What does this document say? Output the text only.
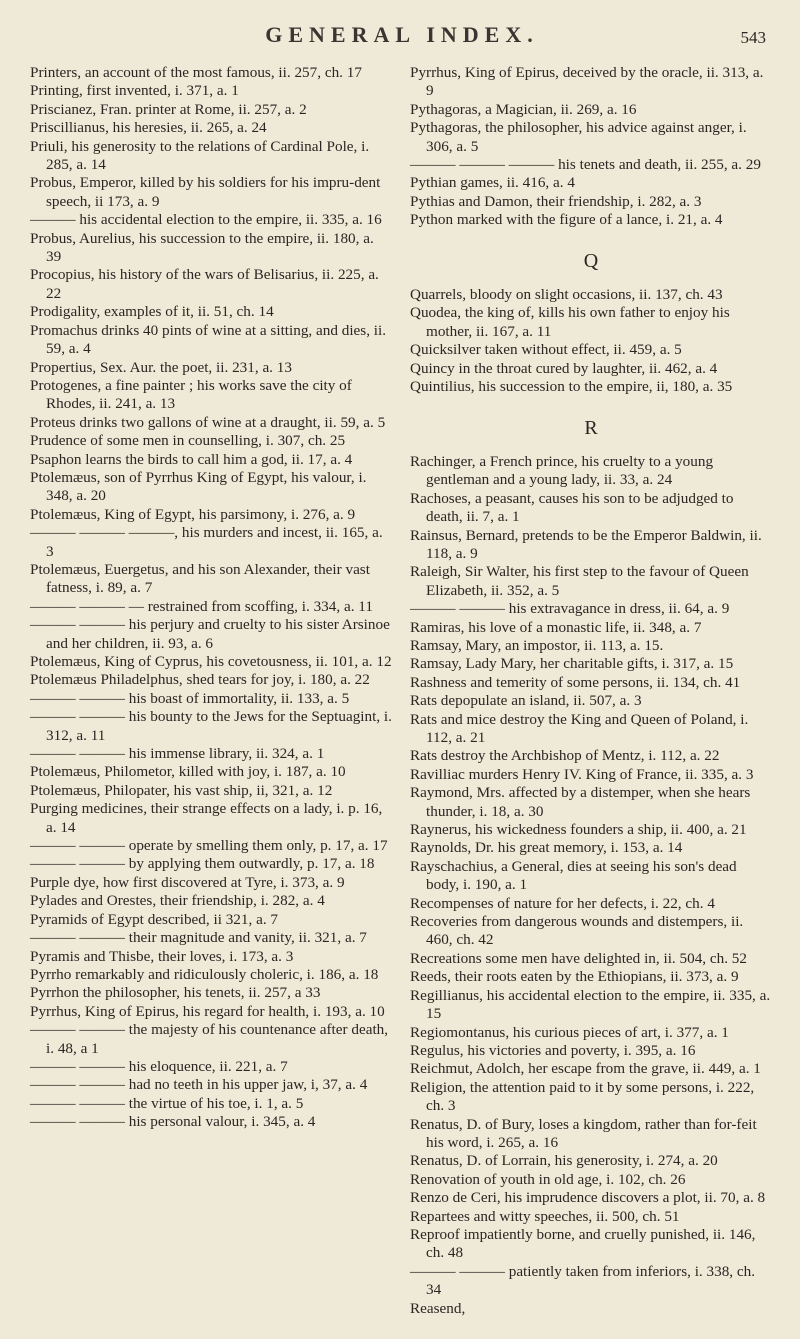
GENERAL INDEX.	543

Printers, an account of the most famous, ii. 257, ch. 17

Printing, first invented, i. 371, a. 1

Priscianez, Fran. printer at Rome, ii. 257, a. 2

Priscillianus, his heresies, ii. 265, a. 24

Priuli, his generosity to the relations of Cardinal Pole, i. 285, a. 14

Probus, Emperor, killed by his soldiers for his impru-dent speech, ii 173, a. 9

——— his accidental election to the empire, ii. 335, a. 16

Probus, Aurelius, his succession to the empire, ii. 180, a. 39

Procopius, his history of the wars of Belisarius, ii. 225, a. 22

Prodigality, examples of it, ii. 51, ch. 14

Promachus drinks 40 pints of wine at a sitting, and dies, ii. 59, a. 4

Propertius, Sex. Aur. the poet, ii. 231, a. 13

Protogenes, a fine painter ; his works save the city of Rhodes, ii. 241, a. 13

Proteus drinks two gallons of wine at a draught, ii. 59, a. 5

Prudence of some men in counselling, i. 307, ch. 25

Psaphon learns the birds to call him a god, ii. 17, a. 4

Ptolemæus, son of Pyrrhus King of Egypt, his valour, i. 348, a. 20

Ptolemæus, King of Egypt, his parsimony, i. 276, a. 9

——— ——— ———, his murders and incest, ii. 165, a. 3

Ptolemæus, Euergetus, and his son Alexander, their vast fatness, i. 89, a. 7

——— ——— — restrained from scoffing, i. 334, a. 11

——— ——— his perjury and cruelty to his sister Arsinoe and her children, ii. 93, a. 6

Ptolemæus, King of Cyprus, his covetousness, ii. 101, a. 12

Ptolemæus Philadelphus, shed tears for joy, i. 180, a. 22

——— ——— his boast of immortality, ii. 133, a. 5

——— ——— his bounty to the Jews for the Septuagint, i. 312, a. 11

——— ——— his immense library, ii. 324, a. 1

Ptolemæus, Philometor, killed with joy, i. 187, a. 10

Ptolemæus, Philopater, his vast ship, ii, 321, a. 12

Purging medicines, their strange effects on a lady, i. p. 16, a. 14

——— ——— operate by smelling them only, p. 17, a. 17

——— ——— by applying them outwardly, p. 17, a. 18

Purple dye, how first discovered at Tyre, i. 373, a. 9

Pylades and Orestes, their friendship, i. 282, a. 4

Pyramids of Egypt described, ii 321, a. 7

——— ——— their magnitude and vanity, ii. 321, a. 7

Pyramis and Thisbe, their loves, i. 173, a. 3

Pyrrho remarkably and ridiculously choleric, i. 186, a. 18

Pyrrhon the philosopher, his tenets, ii. 257, a 33

Pyrrhus, King of Epirus, his regard for health, i. 193, a. 10

——— ——— the majesty of his countenance after death, i. 48, a 1

——— ——— his eloquence, ii. 221, a. 7

——— ——— had no teeth in his upper jaw, i, 37, a. 4

——— ——— the virtue of his toe, i. 1, a. 5

——— ——— his personal valour, i. 345, a. 4

Pyrrhus, King of Epirus, deceived by the oracle, ii. 313, a. 9

Pythagoras, a Magician, ii. 269, a. 16

Pythagoras, the philosopher, his advice against anger, i. 306, a. 5

——— ——— ——— his tenets and death, ii. 255, a. 29

Pythian games, ii. 416, a. 4

Pythias and Damon, their friendship, i. 282, a. 3

Python marked with the figure of a lance, i. 21, a. 4

Q

Quarrels, bloody on slight occasions, ii. 137, ch. 43

Quodea, the king of, kills his own father to enjoy his mother, ii. 167, a. 11

Quicksilver taken without effect, ii. 459, a. 5

Quincy in the throat cured by laughter, ii. 462, a. 4

Quintilius, his succession to the empire, ii, 180, a. 35

R

Rachinger, a French prince, his cruelty to a young gentleman and a young lady, ii. 33, a. 24

Rachoses, a peasant, causes his son to be adjudged to death, ii. 7, a. 1

Rainsus, Bernard, pretends to be the Emperor Baldwin, ii. 118, a. 9

Raleigh, Sir Walter, his first step to the favour of Queen Elizabeth, ii. 352, a. 5

——— ——— his extravagance in dress, ii. 64, a. 9

Ramiras, his love of a monastic life, ii. 348, a. 7

Ramsay, Mary, an impostor, ii. 113, a. 15.

Ramsay, Lady Mary, her charitable gifts, i. 317, a. 15

Rashness and temerity of some persons, ii. 134, ch. 41

Rats depopulate an island, ii. 507, a. 3

Rats and mice destroy the King and Queen of Poland, i. 112, a. 21

Rats destroy the Archbishop of Mentz, i. 112, a. 22

Ravilliac murders Henry IV. King of France, ii. 335, a. 3

Raymond, Mrs. affected by a distemper, when she hears thunder, i. 18, a. 30

Raynerus, his wickedness founders a ship, ii. 400, a. 21

Raynolds, Dr. his great memory, i. 153, a. 14

Rayschachius, a General, dies at seeing his son's dead body, i. 190, a. 1

Recompenses of nature for her defects, i. 22, ch. 4

Recoveries from dangerous wounds and distempers, ii. 460, ch. 42

Recreations some men have delighted in, ii. 504, ch. 52

Reeds, their roots eaten by the Ethiopians, ii. 373, a. 9

Regillianus, his accidental election to the empire, ii. 335, a. 15

Regiomontanus, his curious pieces of art, i. 377, a. 1

Regulus, his victories and poverty, i. 395, a. 16

Reichmut, Adolch, her escape from the grave, ii. 449, a. 1

Religion, the attention paid to it by some persons, i. 222, ch. 3

Renatus, D. of Bury, loses a kingdom, rather than for-feit his word, i. 265, a. 16

Renatus, D. of Lorrain, his generosity, i. 274, a. 20

Renovation of youth in old age, i. 102, ch. 26

Renzo de Ceri, his imprudence discovers a plot, ii. 70, a. 8

Repartees and witty speeches, ii. 500, ch. 51

Reproof impatiently borne, and cruelly punished, ii. 146, ch. 48

——— ——— patiently taken from inferiors, i. 338, ch. 34

Reasend,
